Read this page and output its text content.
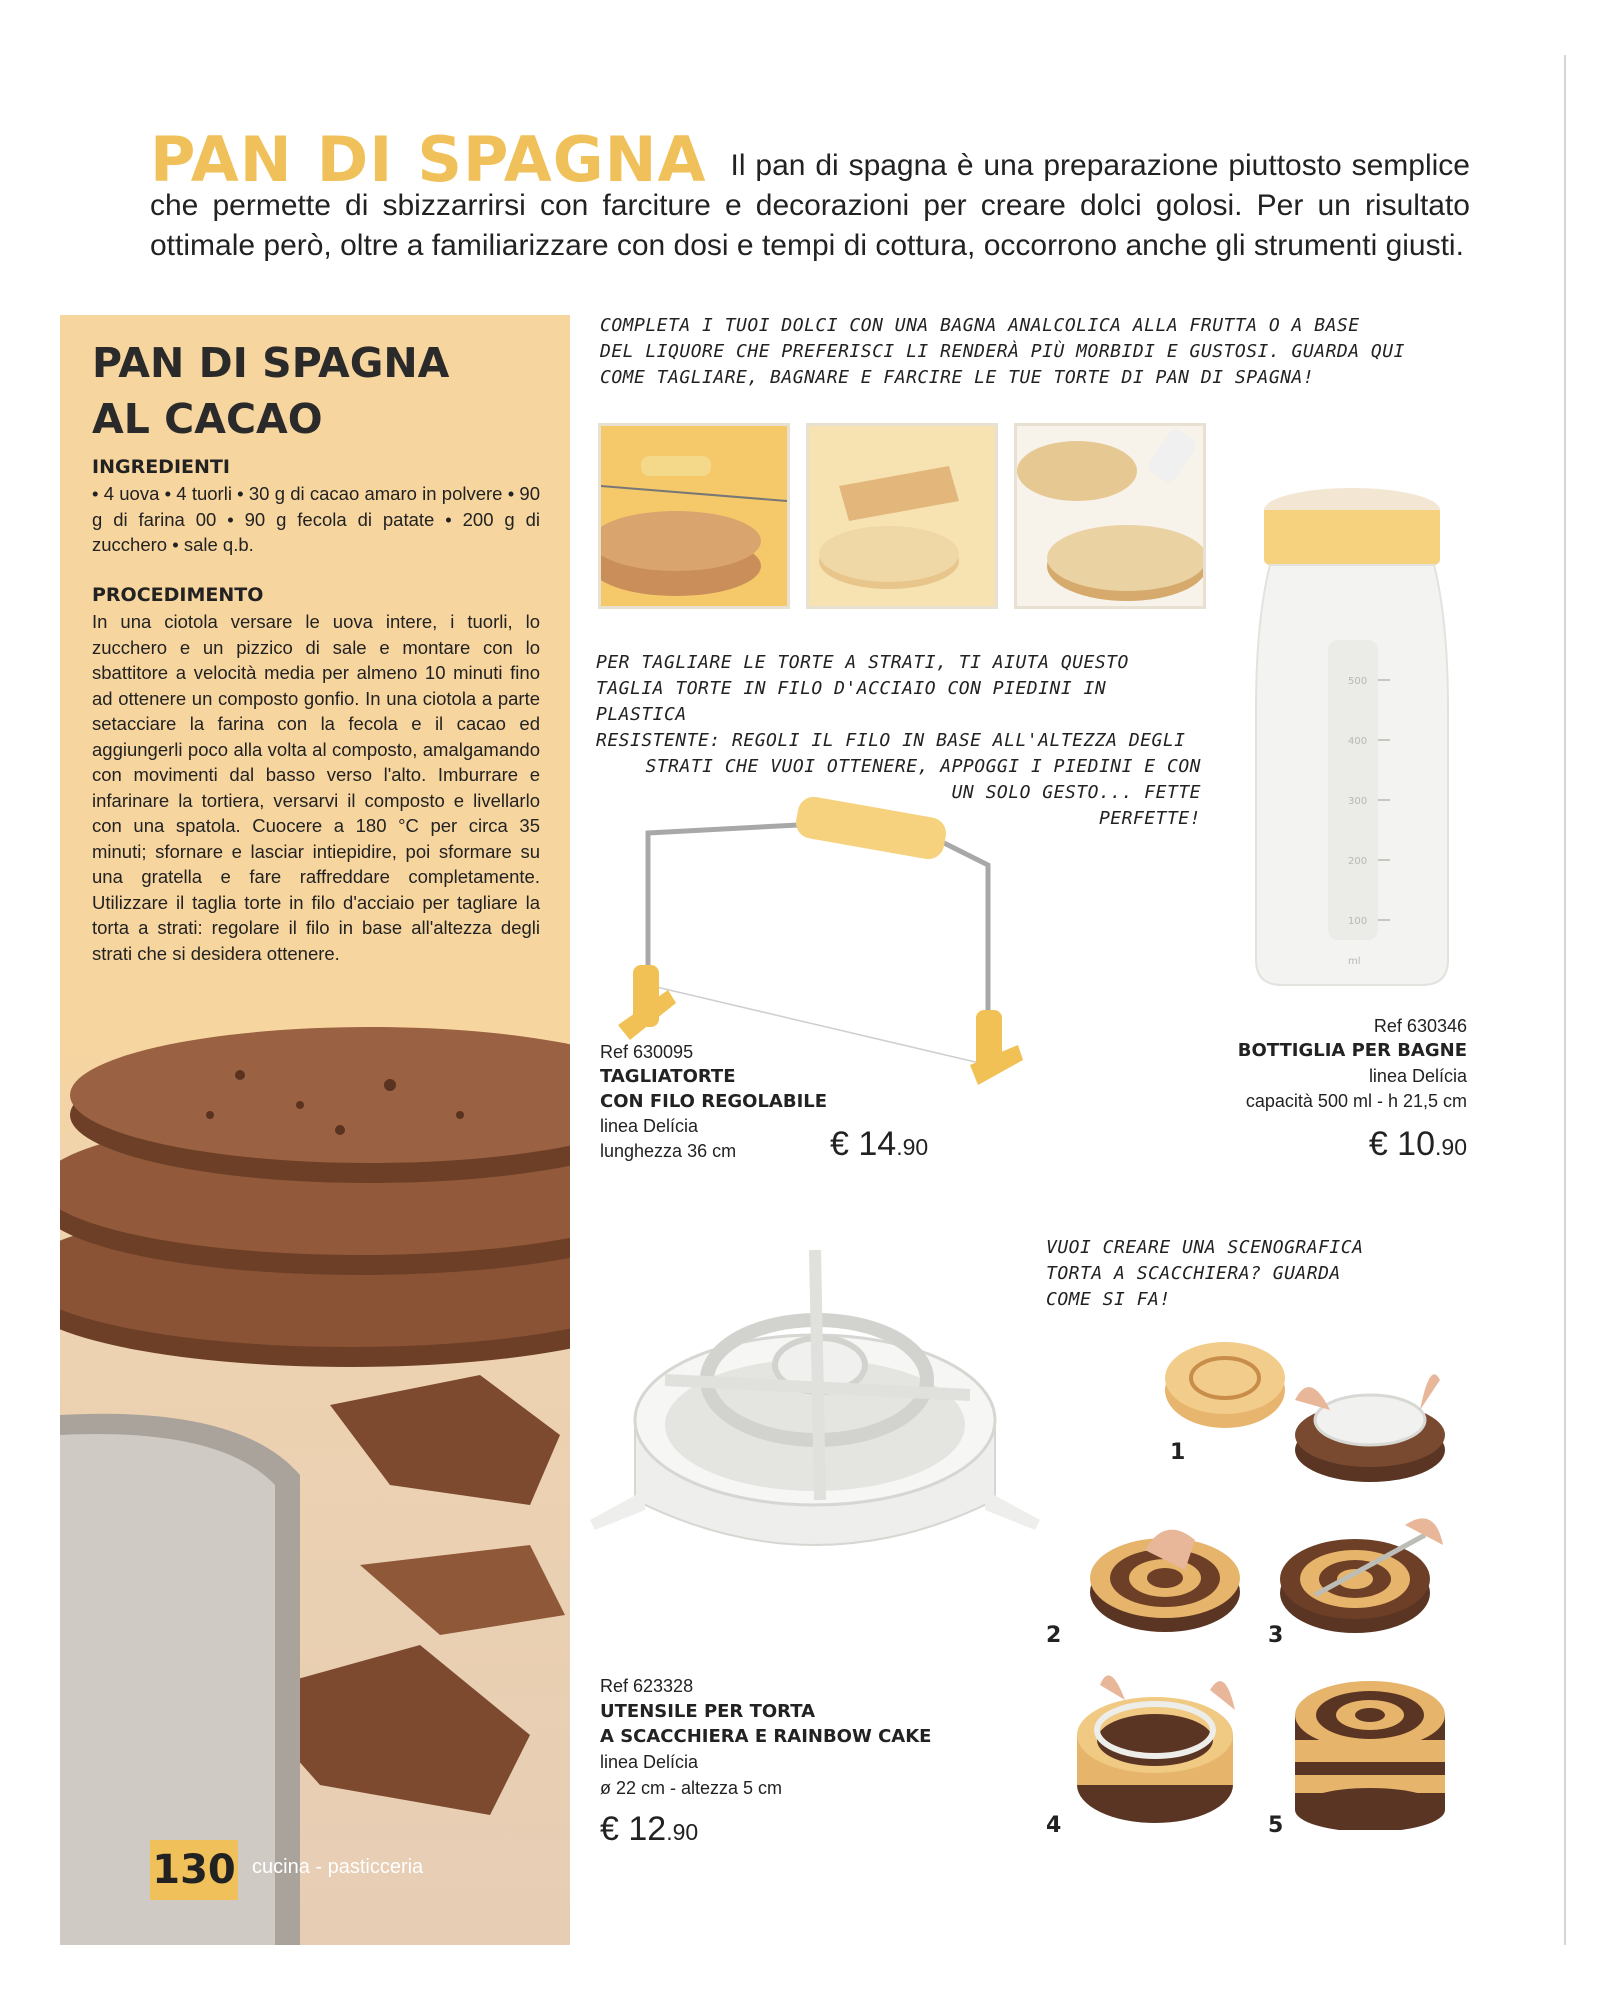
PAN DI SPAGNA Il pan di spagna è una preparazione piuttosto semplice che permette di sbizzarrirsi con farciture e decorazioni per creare dolci golosi. Per un risultato ottimale però, oltre a familiarizzare con dosi e tempi di cottura, occorrono anche gli strumenti giusti.
PAN DI SPAGNA
AL CACAO
INGREDIENTI
• 4 uova • 4 tuorli • 30 g di cacao amaro in polvere • 90 g di farina 00 • 90 g fecola di patate • 200 g di zucchero • sale q.b.
PROCEDIMENTO
In una ciotola versare le uova intere, i tuorli, lo zucchero e un pizzico di sale e montare con lo sbattitore a velocità media per almeno 10 minuti fino ad ottenere un composto gonfio. In una ciotola a parte setacciare la farina con la fecola e il cacao ed aggiungerli poco alla volta al composto, amalgamando con movimenti dal basso verso l'alto. Imburrare e infarinare la tortiera, versarvi il composto e livellarlo con una spatola. Cuocere a 180 °C per circa 35 minuti; sfornare e lasciar intiepidire, poi sformare su una gratella e fare raffreddare completamente. Utilizzare il taglia torte in filo d'acciaio per tagliare la torta a strati: regolare il filo in base all'altezza degli strati che si desidera ottenere.
130 cucina - pasticceria
COMPLETA I TUOI DOLCI CON UNA BAGNA ANALCOLICA ALLA FRUTTA O A BASE
DEL LIQUORE CHE PREFERISCI LI RENDERÀ PIÙ MORBIDI E GUSTOSI. GUARDA QUI
COME TAGLIARE, BAGNARE E FARCIRE LE TUE TORTE DI PAN DI SPAGNA!
PER TAGLIARE LE TORTE A STRATI, TI AIUTA QUESTO
TAGLIA TORTE IN FILO D'ACCIAIO CON PIEDINI IN PLASTICA
RESISTENTE: REGOLI IL FILO IN BASE ALL'ALTEZZA DEGLI
STRATI CHE VUOI OTTENERE, APPOGGI I PIEDINI E CON
UN SOLO GESTO... FETTE
PERFETTE!
500
400
300
200
100
ml
Ref 630095
TAGLIATORTE
CON FILO REGOLABILE
linea Delícia
lunghezza 36 cm	€ 14.90
Ref 630346
BOTTIGLIA PER BAGNE
linea Delícia
capacità 500 ml - h 21,5 cm
€ 10.90
VUOI CREARE UNA SCENOGRAFICA
TORTA A SCACCHIERA? GUARDA
COME SI FA!
Ref 623328
UTENSILE PER TORTA
A SCACCHIERA E RAINBOW CAKE
linea Delícia
ø 22 cm - altezza 5 cm
€ 12.90
1
2	3
4	5
